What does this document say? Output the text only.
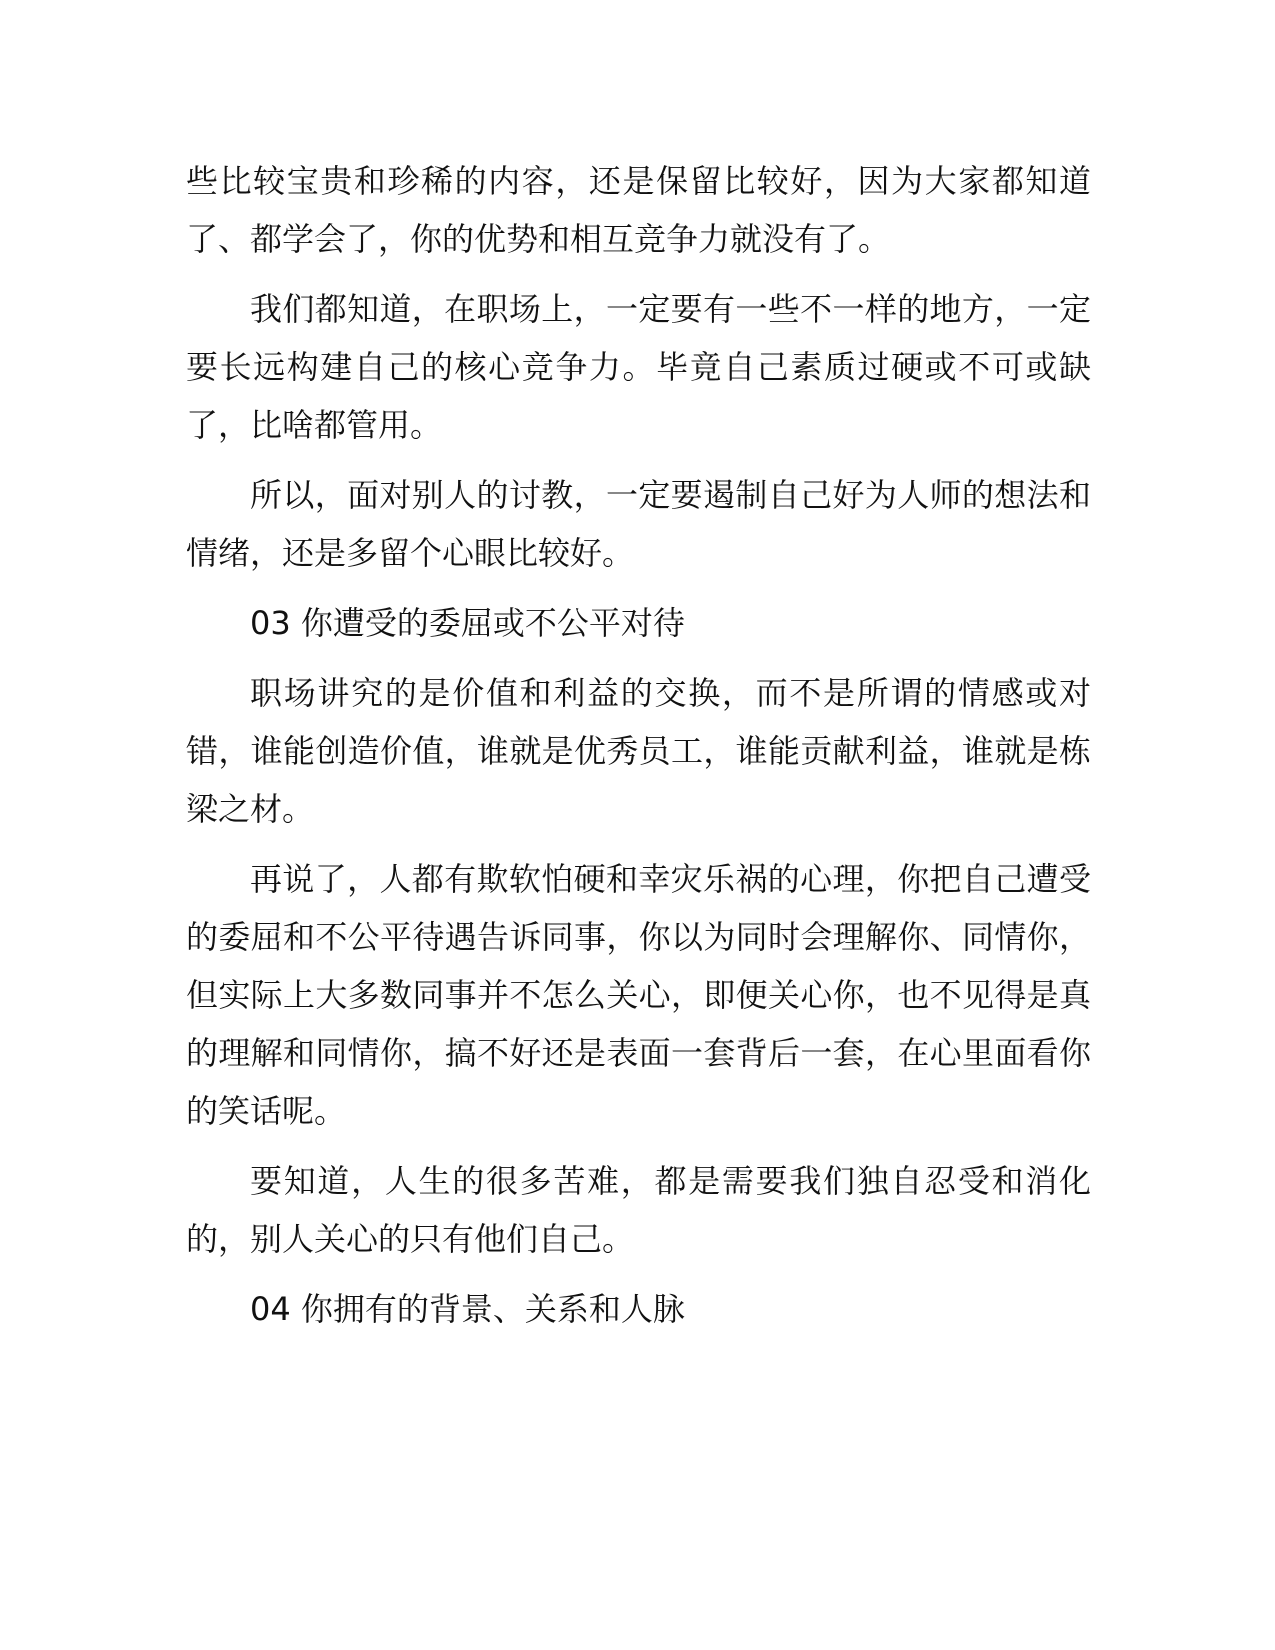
些比较宝贵和珍稀的内容，还是保留比较好，因为大家都知道了、都学会了，你的优势和相互竞争力就没有了。

我们都知道，在职场上，一定要有一些不一样的地方，一定要长远构建自己的核心竞争力。毕竟自己素质过硬或不可或缺了，比啥都管用。

所以，面对别人的讨教，一定要遏制自己好为人师的想法和情绪，还是多留个心眼比较好。

03 你遭受的委屈或不公平对待

职场讲究的是价值和利益的交换，而不是所谓的情感或对错，谁能创造价值，谁就是优秀员工，谁能贡献利益，谁就是栋梁之材。

再说了，人都有欺软怕硬和幸灾乐祸的心理，你把自己遭受的委屈和不公平待遇告诉同事，你以为同时会理解你、同情你，但实际上大多数同事并不怎么关心，即便关心你，也不见得是真的理解和同情你，搞不好还是表面一套背后一套，在心里面看你的笑话呢。

要知道，人生的很多苦难，都是需要我们独自忍受和消化的，别人关心的只有他们自己。

04 你拥有的背景、关系和人脉
